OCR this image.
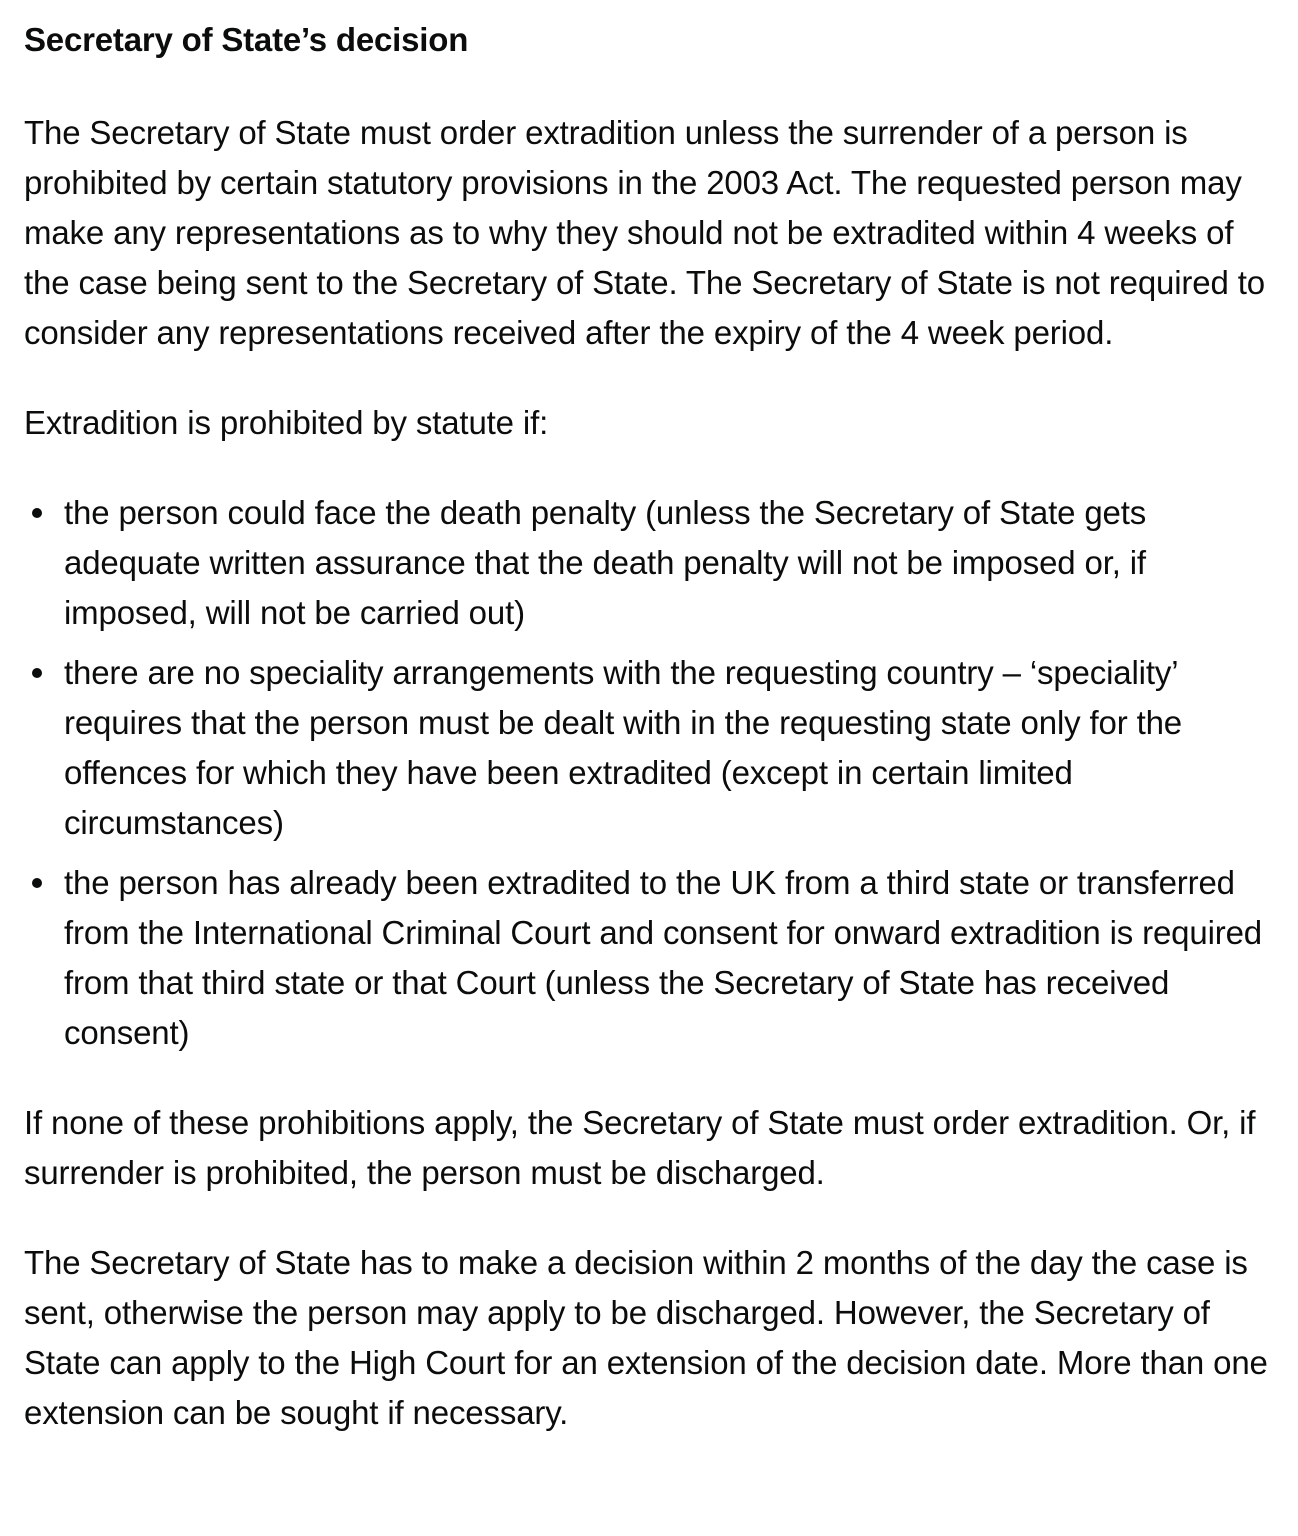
Secretary of State’s decision

The Secretary of State must order extradition unless the surrender of a person is prohibited by certain statutory provisions in the 2003 Act. The requested person may make any representations as to why they should not be extradited within 4 weeks of the case being sent to the Secretary of State. The Secretary of State is not required to consider any representations received after the expiry of the 4 week period.

Extradition is prohibited by statute if:

the person could face the death penalty (unless the Secretary of State gets adequate written assurance that the death penalty will not be imposed or, if imposed, will not be carried out)
there are no speciality arrangements with the requesting country – ‘speciality’ requires that the person must be dealt with in the requesting state only for the offences for which they have been extradited (except in certain limited circumstances)
the person has already been extradited to the UK from a third state or transferred from the International Criminal Court and consent for onward extradition is required from that third state or that Court (unless the Secretary of State has received consent)

If none of these prohibitions apply, the Secretary of State must order extradition. Or, if surrender is prohibited, the person must be discharged.

The Secretary of State has to make a decision within 2 months of the day the case is sent, otherwise the person may apply to be discharged. However, the Secretary of State can apply to the High Court for an extension of the decision date. More than one extension can be sought if necessary.
